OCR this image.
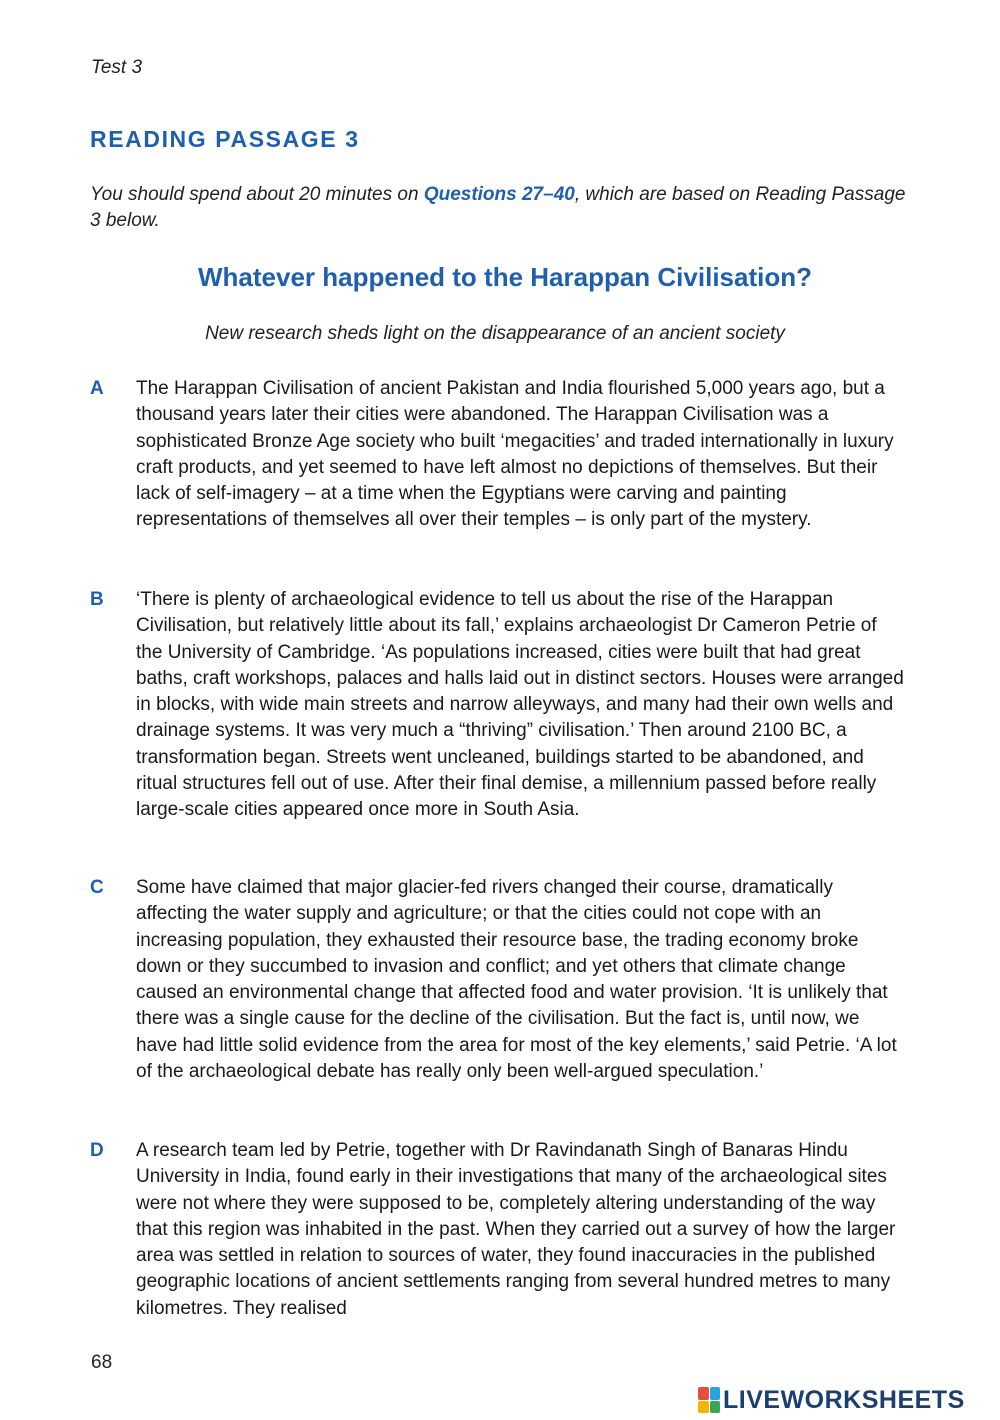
Test 3
READING PASSAGE 3
You should spend about 20 minutes on Questions 27–40, which are based on Reading Passage 3 below.
Whatever happened to the Harappan Civilisation?
New research sheds light on the disappearance of an ancient society
A The Harappan Civilisation of ancient Pakistan and India flourished 5,000 years ago, but a thousand years later their cities were abandoned. The Harappan Civilisation was a sophisticated Bronze Age society who built ‘megacities’ and traded internationally in luxury craft products, and yet seemed to have left almost no depictions of themselves. But their lack of self-imagery – at a time when the Egyptians were carving and painting representations of themselves all over their temples – is only part of the mystery.
B ‘There is plenty of archaeological evidence to tell us about the rise of the Harappan Civilisation, but relatively little about its fall,’ explains archaeologist Dr Cameron Petrie of the University of Cambridge. ‘As populations increased, cities were built that had great baths, craft workshops, palaces and halls laid out in distinct sectors. Houses were arranged in blocks, with wide main streets and narrow alleyways, and many had their own wells and drainage systems. It was very much a “thriving” civilisation.’ Then around 2100 BC, a transformation began. Streets went uncleaned, buildings started to be abandoned, and ritual structures fell out of use. After their final demise, a millennium passed before really large-scale cities appeared once more in South Asia.
C Some have claimed that major glacier-fed rivers changed their course, dramatically affecting the water supply and agriculture; or that the cities could not cope with an increasing population, they exhausted their resource base, the trading economy broke down or they succumbed to invasion and conflict; and yet others that climate change caused an environmental change that affected food and water provision. ‘It is unlikely that there was a single cause for the decline of the civilisation. But the fact is, until now, we have had little solid evidence from the area for most of the key elements,’ said Petrie. ‘A lot of the archaeological debate has really only been well-argued speculation.’
D A research team led by Petrie, together with Dr Ravindanath Singh of Banaras Hindu University in India, found early in their investigations that many of the archaeological sites were not where they were supposed to be, completely altering understanding of the way that this region was inhabited in the past. When they carried out a survey of how the larger area was settled in relation to sources of water, they found inaccuracies in the published geographic locations of ancient settlements ranging from several hundred metres to many kilometres. They realised
68
LIVEWORKSHEETS
